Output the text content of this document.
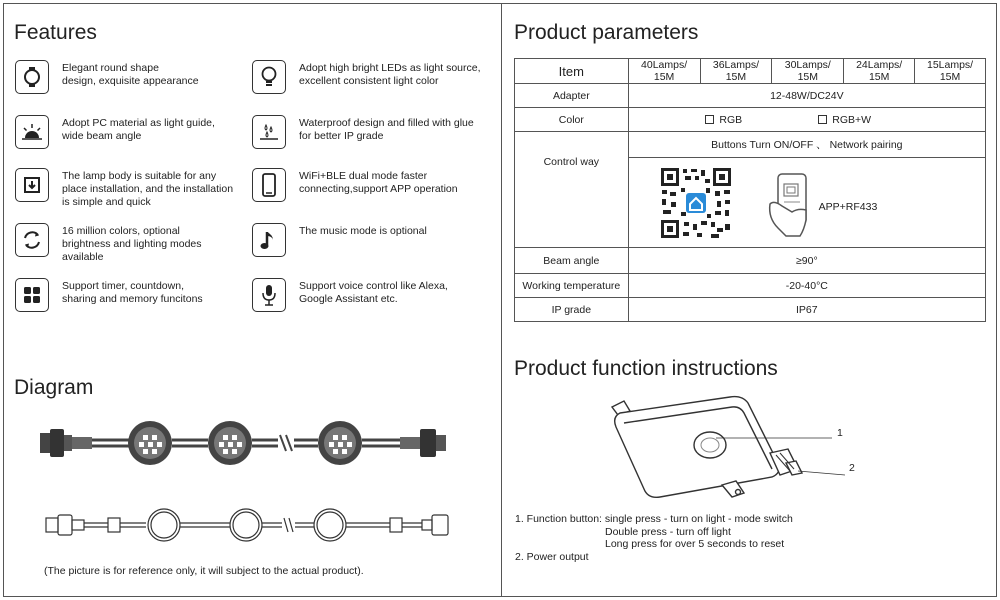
Features
Elegant round shape
design, exquisite appearance
Adopt PC material as light guide,
wide beam angle
The lamp body is suitable for any
place installation, and the installation
is simple and quick
16 million colors, optional
brightness and lighting modes
available
Support timer, countdown,
sharing and memory funcitons
Adopt high bright LEDs as light source,
excellent consistent light color
Waterproof design and filled with glue
for better IP grade
WiFi+BLE dual mode faster
connecting,support APP operation
The music mode is optional
Support voice control like Alexa,
Google Assistant etc.
Diagram
(The picture is for reference only, it will subject to the actual product).
Product parameters
Item	40Lamps/ 15M	36Lamps/ 15M	30Lamps/ 15M	24Lamps/ 15M	15Lamps/ 15M
Adapter	12-48W/DC24V				
Color	RGB RGB+W				
Control way	Buttons Turn ON/OFF 、 Network pairing				

	APP+RF433				

Beam angle	≥90°				
Working temperature	-20-40°C				
IP grade	IP67				
Product function instructions
1
2
1. Function button: single press - turn on light - mode switch
Double press - turn off light
Long press for over 5 seconds to reset
2. Power output
